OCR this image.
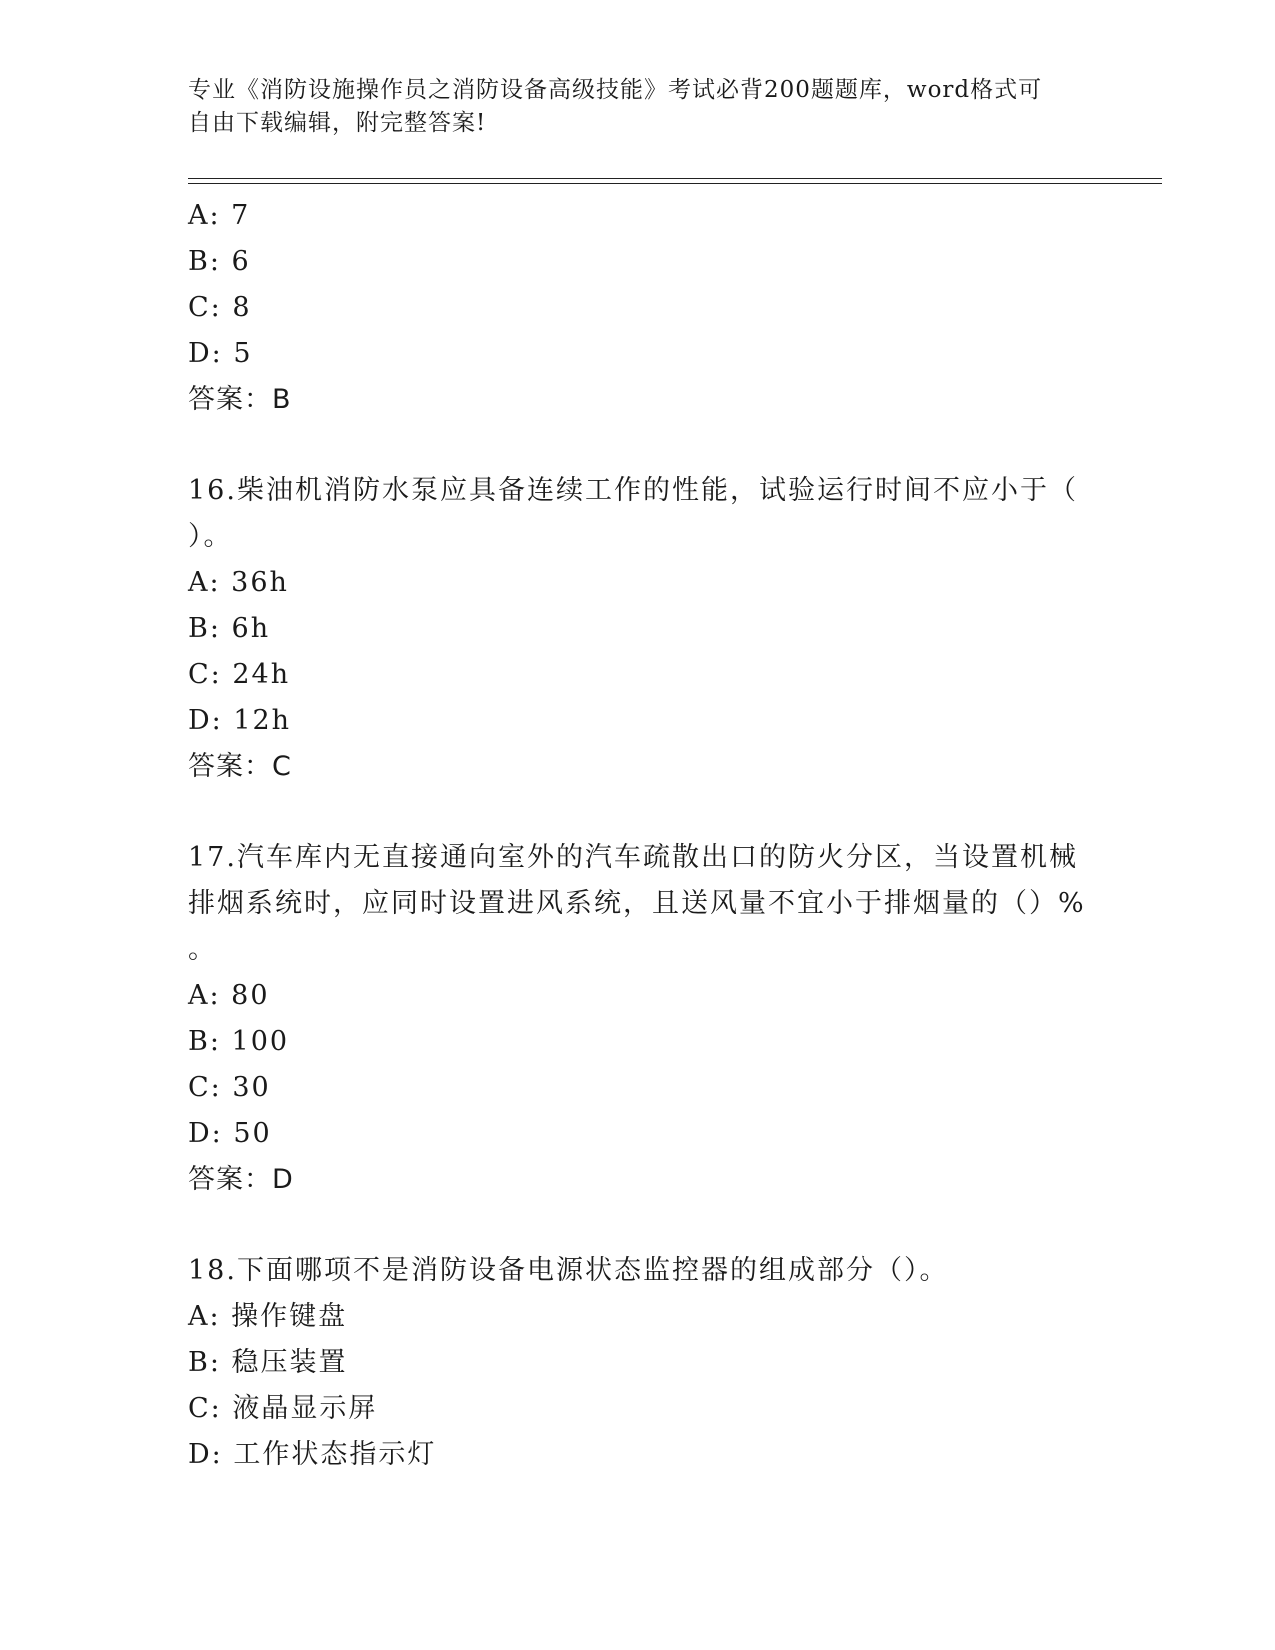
专业《消防设施操作员之消防设备高级技能》考试必背200题题库，word格式可
自由下载编辑，附完整答案!
A: 7
B: 6
C: 8
D: 5
答案：B
16.柴油机消防水泵应具备连续工作的性能，试验运行时间不应小于（
）。
A: 36h
B: 6h
C: 24h
D: 12h
答案：C
17.汽车库内无直接通向室外的汽车疏散出口的防火分区，当设置机械
排烟系统时，应同时设置进风系统，且送风量不宜小于排烟量的（）%
。
A: 80
B: 100
C: 30
D: 50
答案：D
18.下面哪项不是消防设备电源状态监控器的组成部分（）。
A: 操作键盘
B: 稳压装置
C: 液晶显示屏
D: 工作状态指示灯
